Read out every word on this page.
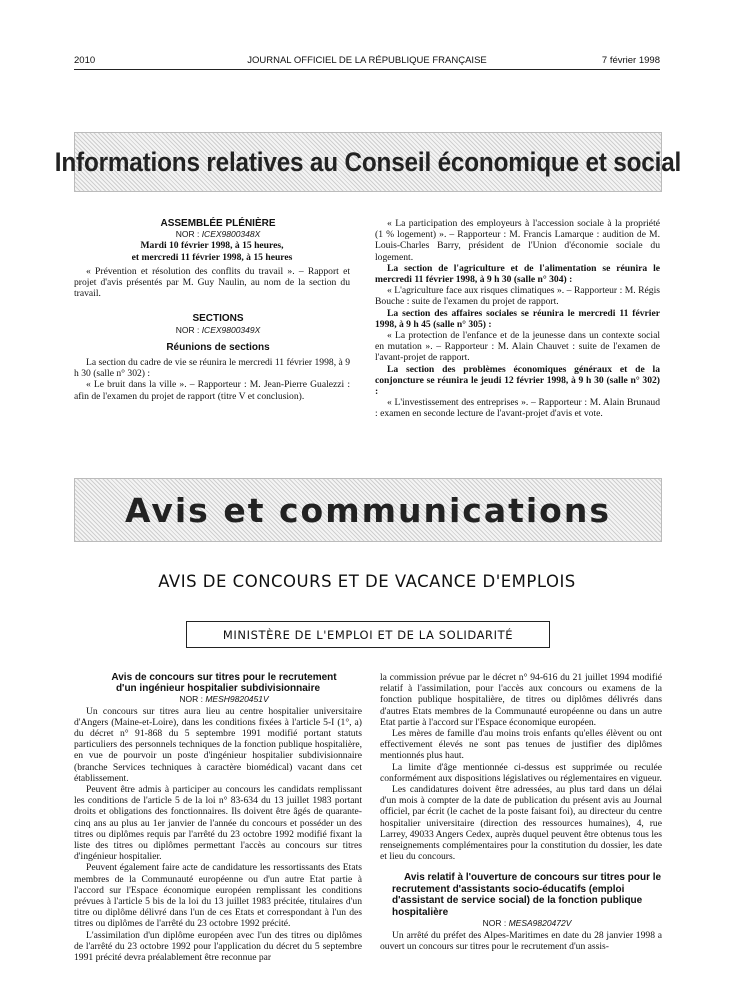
2010	JOURNAL OFFICIEL DE LA RÉPUBLIQUE FRANÇAISE	7 février 1998
Informations relatives au Conseil économique et social

ASSEMBLÉE PLÉNIÈRE

NOR : ICEX9800348X

Mardi 10 février 1998, à 15 heures,

et mercredi 11 février 1998, à 15 heures

« Prévention et résolution des conflits du travail ». – Rapport et projet d'avis présentés par M. Guy Naulin, au nom de la section du travail.

SECTIONS

NOR : ICEX9800349X

Réunions de sections

La section du cadre de vie se réunira le mercredi 11 février 1998, à 9 h 30 (salle n° 302) :

« Le bruit dans la ville ». – Rapporteur : M. Jean-Pierre Gualezzi : afin de l'examen du projet de rapport (titre V et conclusion).

« La participation des employeurs à l'accession sociale à la propriété (1 % logement) ». – Rapporteur : M. Francis Lamarque : audition de M. Louis-Charles Barry, président de l'Union d'économie sociale du logement.

La section de l'agriculture et de l'alimentation se réunira le mercredi 11 février 1998, à 9 h 30 (salle n° 304) :

« L'agriculture face aux risques climatiques ». – Rapporteur : M. Régis Bouche : suite de l'examen du projet de rapport.

La section des affaires sociales se réunira le mercredi 11 février 1998, à 9 h 45 (salle n° 305) :

« La protection de l'enfance et de la jeunesse dans un contexte social en mutation ». – Rapporteur : M. Alain Chauvet : suite de l'examen de l'avant-projet de rapport.

La section des problèmes économiques généraux et de la conjoncture se réunira le jeudi 12 février 1998, à 9 h 30 (salle n° 302) :

« L'investissement des entreprises ». – Rapporteur : M. Alain Brunaud : examen en seconde lecture de l'avant-projet d'avis et vote.

Avis et communications
AVIS DE CONCOURS ET DE VACANCE D'EMPLOIS
MINISTÈRE DE L'EMPLOI ET DE LA SOLIDARITÉ

Avis de concours sur titres pour le recrutement d'un ingénieur hospitalier subdivisionnaire

NOR : MESH9820451V

Un concours sur titres aura lieu au centre hospitalier universitaire d'Angers (Maine-et-Loire), dans les conditions fixées à l'article 5-I (1°, a) du décret n° 91-868 du 5 septembre 1991 modifié portant statuts particuliers des personnels techniques de la fonction publique hospitalière, en vue de pourvoir un poste d'ingénieur hospitalier subdivisionnaire (branche Services techniques à caractère biomédical) vacant dans cet établissement.

Peuvent être admis à participer au concours les candidats remplissant les conditions de l'article 5 de la loi n° 83-634 du 13 juillet 1983 portant droits et obligations des fonctionnaires. Ils doivent être âgés de quarante-cinq ans au plus au 1er janvier de l'année du concours et posséder un des titres ou diplômes requis par l'arrêté du 23 octobre 1992 modifié fixant la liste des titres ou diplômes permettant l'accès au concours sur titres d'ingénieur hospitalier.

Peuvent également faire acte de candidature les ressortissants des Etats membres de la Communauté européenne ou d'un autre Etat partie à l'accord sur l'Espace économique européen remplissant les conditions prévues à l'article 5 bis de la loi du 13 juillet 1983 précitée, titulaires d'un titre ou diplôme délivré dans l'un de ces Etats et correspondant à l'un des titres ou diplômes de l'arrêté du 23 octobre 1992 précité.

L'assimilation d'un diplôme européen avec l'un des titres ou diplômes de l'arrêté du 23 octobre 1992 pour l'application du décret du 5 septembre 1991 précité devra préalablement être reconnue par

la commission prévue par le décret n° 94-616 du 21 juillet 1994 modifié relatif à l'assimilation, pour l'accès aux concours ou examens de la fonction publique hospitalière, de titres ou diplômes délivrés dans d'autres Etats membres de la Communauté européenne ou dans un autre Etat partie à l'accord sur l'Espace économique européen.

Les mères de famille d'au moins trois enfants qu'elles élèvent ou ont effectivement élevés ne sont pas tenues de justifier des diplômes mentionnés plus haut.

La limite d'âge mentionnée ci-dessus est supprimée ou reculée conformément aux dispositions législatives ou réglementaires en vigueur.

Les candidatures doivent être adressées, au plus tard dans un délai d'un mois à compter de la date de publication du présent avis au Journal officiel, par écrit (le cachet de la poste faisant foi), au directeur du centre hospitalier universitaire (direction des ressources humaines), 4, rue Larrey, 49033 Angers Cedex, auprès duquel peuvent être obtenus tous les renseignements complémentaires pour la constitution du dossier, les date et lieu du concours.

Avis relatif à l'ouverture de concours sur titres pour le recrutement d'assistants socio-éducatifs (emploi d'assistant de service social) de la fonction publique hospitalière

NOR : MESA9820472V

Un arrêté du préfet des Alpes-Maritimes en date du 28 janvier 1998 a ouvert un concours sur titres pour le recrutement d'un assis-
